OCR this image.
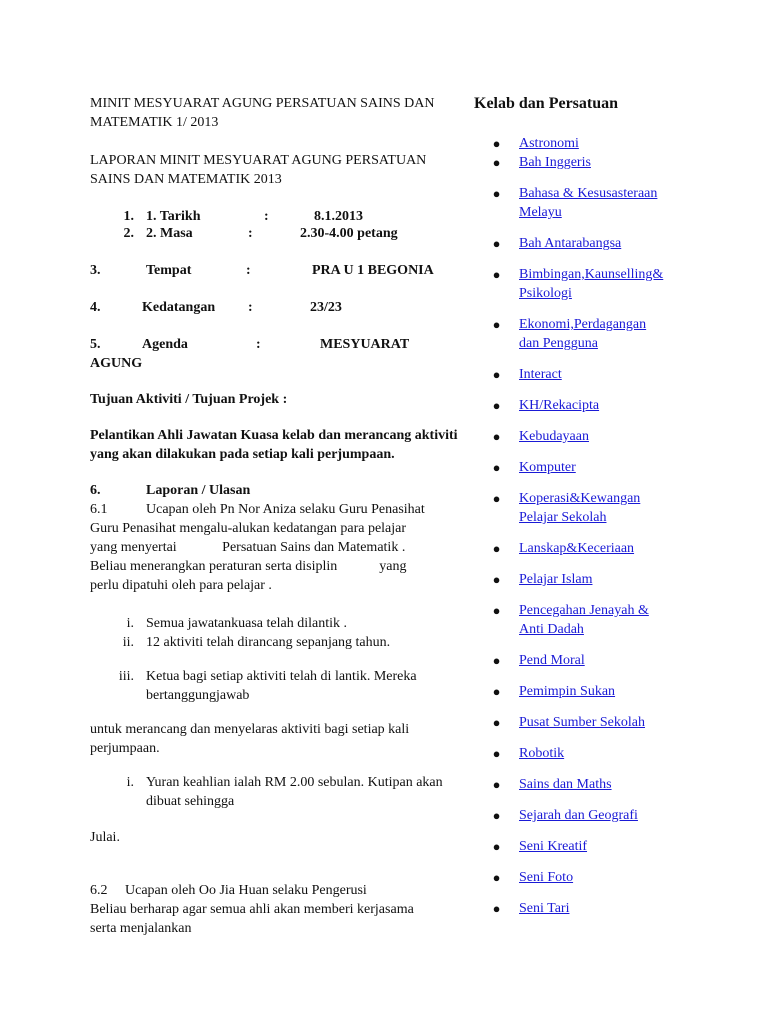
MINIT MESYUARAT AGUNG PERSATUAN SAINS DAN MATEMATIK 1/ 2013

LAPORAN MINIT MESYUARAT AGUNG PERSATUAN SAINS DAN MATEMATIK 2013

1. 1. Tarikh	:	8.1.2013
2. 2. Masa	:	2.30-4.00 petang
3.	Tempat	:	PRA U 1 BEGONIA
4.	Kedatangan	:	23/23
5.	Agenda	:	MESYUARAT

AGUNG

Tujuan Aktiviti / Tujuan Projek :

Pelantikan Ahli Jawatan Kuasa kelab dan merancang aktiviti yang akan dilakukan pada setiap kali perjumpaan.

6.	Laporan / Ulasan

6.1           Ucapan oleh Pn Nor Aniza selaku Guru Penasihat

Guru Penasihat mengalu-alukan kedatangan para pelajar

yang menyertai             Persatuan Sains dan Matematik .

Beliau menerangkan peraturan serta disiplin            yang

perlu dipatuhi oleh para pelajar .

i. Semua jawatankuasa telah dilantik .
ii. 12 aktiviti telah dirancang sepanjang tahun.
iii. Ketua bagi setiap aktiviti telah di lantik. Mereka bertanggungjawab

untuk merancang dan menyelaras aktiviti bagi setiap kali perjumpaan.

i. Yuran keahlian ialah RM 2.00 sebulan. Kutipan akan dibuat sehingga

Julai.

6.2     Ucapan oleh Oo Jia Huan selaku Pengerusi

Beliau berharap agar semua ahli akan memberi kerjasama

serta menjalankan

Kelab dan Persatuan

●	Astronomi
●	Bah Inggeris
●	Bahasa & Kesusasteraan
Melayu
●	Bah Antarabangsa
●	Bimbingan,Kaunselling&
Psikologi
●	Ekonomi,Perdagangan
dan Pengguna
●	Interact
●	KH/Rekacipta
●	Kebudayaan
●	Komputer
●	Koperasi&Kewangan
Pelajar Sekolah
●	Lanskap&Keceriaan
●	Pelajar Islam
●	Pencegahan Jenayah &
Anti Dadah
●	Pend Moral
●	Pemimpin Sukan
●	Pusat Sumber Sekolah
●	Robotik
●	Sains dan Maths
●	Sejarah dan Geografi
●	Seni Kreatif
●	Seni Foto
●	Seni Tari
